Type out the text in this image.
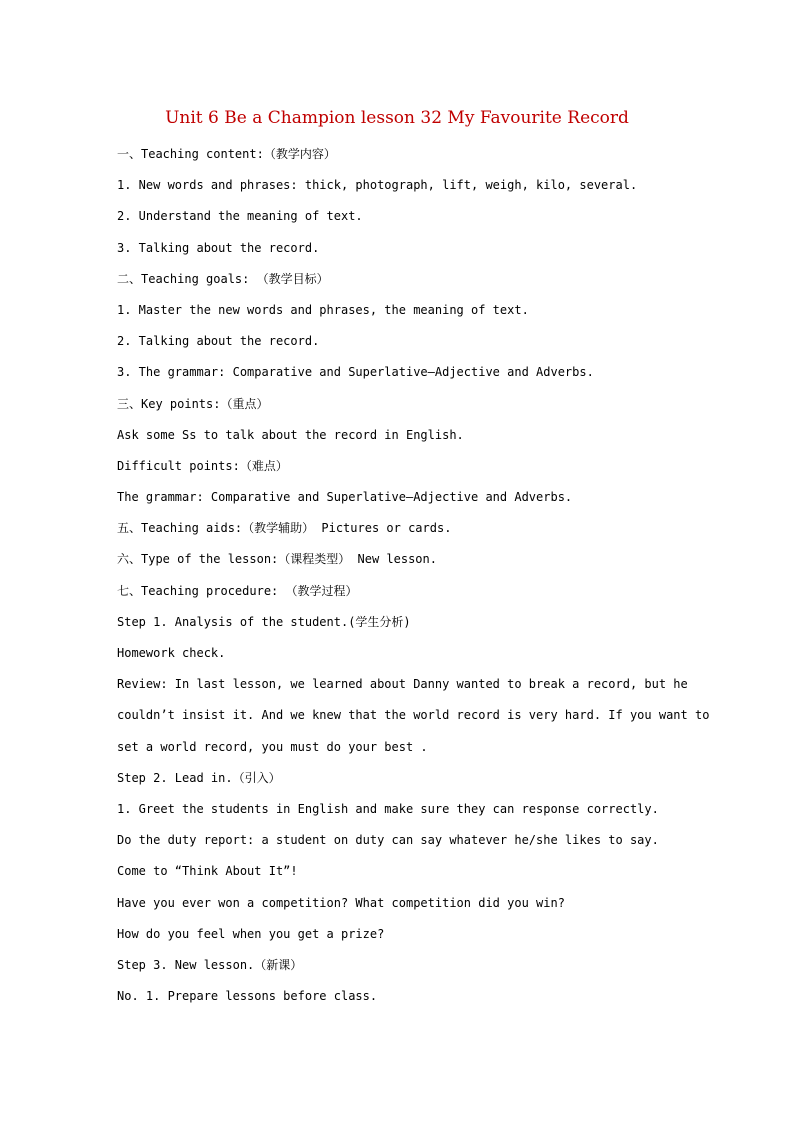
Unit 6 Be a Champion lesson 32 My Favourite Record
一、Teaching content:（教学内容）
1. New words and phrases: thick, photograph, lift, weigh, kilo, several.
2. Understand the meaning of text.
3. Talking about the record.
二、Teaching goals: （教学目标）
1. Master the new words and phrases, the meaning of text.
2. Talking about the record.
3. The grammar: Comparative and Superlative—Adjective and Adverbs.
三、Key points:（重点）
Ask some Ss to talk about the record in English.
Difficult points:（难点）
The grammar: Comparative and Superlative—Adjective and Adverbs.
五、Teaching aids:（教学辅助） Pictures or cards.
六、Type of the lesson:（课程类型） New lesson.
七、Teaching procedure: （教学过程）
Step 1. Analysis of the student.(学生分析)
Homework check.
Review: In last lesson, we learned about Danny wanted to break a record, but he
couldn’t insist it. And we knew that the world record is very hard. If you want to
set a world record, you must do your best .
Step 2. Lead in.（引入）
1. Greet the students in English and make sure they can response correctly.
Do the duty report: a student on duty can say whatever he/she likes to say.
Come to “Think About It”!
Have you ever won a competition? What competition did you win?
How do you feel when you get a prize?
Step 3. New lesson.（新课）
No. 1. Prepare lessons before class.
